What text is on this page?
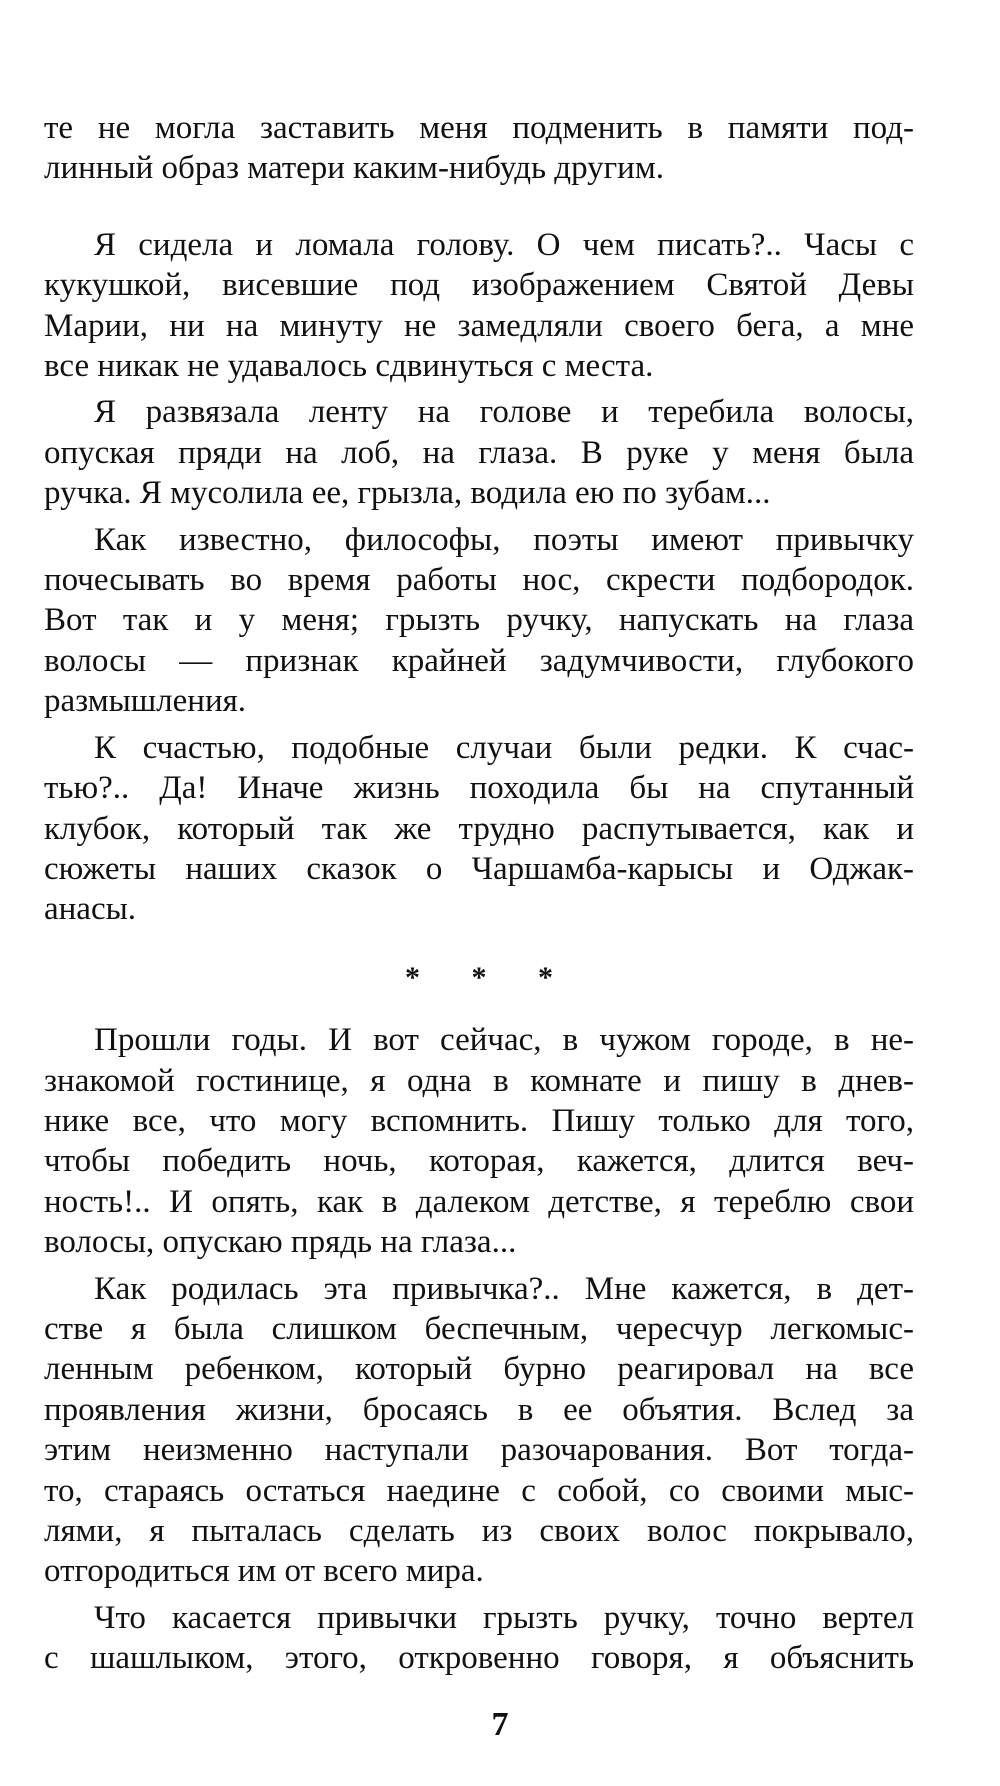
те не могла заставить меня подменить в памяти под-
линный образ матери каким-нибудь другим.
Я сидела и ломала голову. О чем писать?.. Часы с
кукушкой, висевшие под изображением Святой Девы
Марии, ни на минуту не замедляли своего бега, а мне
все никак не удавалось сдвинуться с места.
Я развязала ленту на голове и теребила волосы,
опуская пряди на лоб, на глаза. В руке у меня была
ручка. Я мусолила ее, грызла, водила ею по зубам...
Как известно, философы, поэты имеют привычку
почесывать во время работы нос, скрести подбородок.
Вот так и у меня; грызть ручку, напускать на глаза
волосы — признак крайней задумчивости, глубокого
размышления.
К счастью, подобные случаи были редки. К счас-
тью?.. Да! Иначе жизнь походила бы на спутанный
клубок, который так же трудно распутывается, как и
сюжеты наших сказок о Чаршамба-карысы и Оджак-
анасы.
* * *
Прошли годы. И вот сейчас, в чужом городе, в не-
знакомой гостинице, я одна в комнате и пишу в днев-
нике все, что могу вспомнить. Пишу только для того,
чтобы победить ночь, которая, кажется, длится веч-
ность!.. И опять, как в далеком детстве, я тереблю свои
волосы, опускаю прядь на глаза...
Как родилась эта привычка?.. Мне кажется, в дет-
стве я была слишком беспечным, чересчур легкомыс-
ленным ребенком, который бурно реагировал на все
проявления жизни, бросаясь в ее объятия. Вслед за
этим неизменно наступали разочарования. Вот тогда-
то, стараясь остаться наедине с собой, со своими мыс-
лями, я пыталась сделать из своих волос покрывало,
отгородиться им от всего мира.
Что касается привычки грызть ручку, точно вертел
с шашлыком, этого, откровенно говоря, я объяснить
7
